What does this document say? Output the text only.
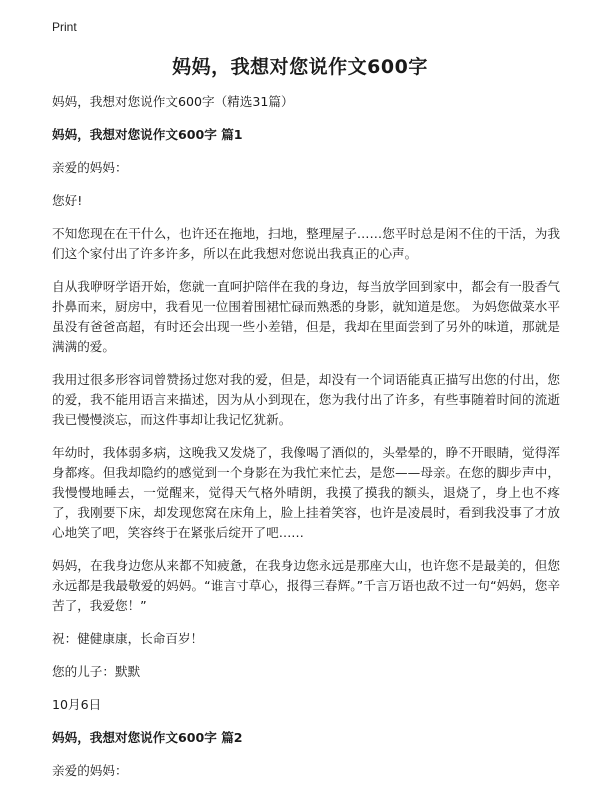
Print
妈妈，我想对您说作文600字

妈妈，我想对您说作文600字（精选31篇）

妈妈，我想对您说作文600字 篇1

亲爱的妈妈：

您好!

不知您现在在干什么，也许还在拖地，扫地，整理屋子……您平时总是闲不住的干活，为我们这个家付出了许多许多，所以在此我想对您说出我真正的心声。

自从我咿呀学语开始，您就一直呵护陪伴在我的身边，每当放学回到家中，都会有一股香气扑鼻而来，厨房中，我看见一位围着围裙忙碌而熟悉的身影，就知道是您。 为妈您做菜水平虽没有爸爸高超，有时还会出现一些小差错，但是，我却在里面尝到了另外的味道，那就是满满的爱。

我用过很多形容词曾赞扬过您对我的爱，但是，却没有一个词语能真正描写出您的付出，您的爱，我不能用语言来描述，因为从小到现在，您为我付出了许多，有些事随着时间的流逝我已慢慢淡忘，而这件事却让我记忆犹新。

年幼时，我体弱多病，这晚我又发烧了，我像喝了酒似的，头晕晕的，睁不开眼睛，觉得浑身都疼。但我却隐约的感觉到一个身影在为我忙来忙去，是您——母亲。在您的脚步声中，我慢慢地睡去，一觉醒来，觉得天气格外晴朗，我摸了摸我的额头，退烧了，身上也不疼了，我刚要下床，却发现您窝在床角上，脸上挂着笑容，也许是凌晨时，看到我没事了才放心地笑了吧，笑容终于在紧张后绽开了吧……

妈妈，在我身边您从来都不知疲惫，在我身边您永远是那座大山，也许您不是最美的，但您永远都是我最敬爱的妈妈。“谁言寸草心，报得三春辉。”千言万语也敌不过一句“妈妈，您辛苦了，我爱您！”

祝：健健康康，长命百岁！

您的儿子：默默

10月6日

妈妈，我想对您说作文600字 篇2

亲爱的妈妈：
